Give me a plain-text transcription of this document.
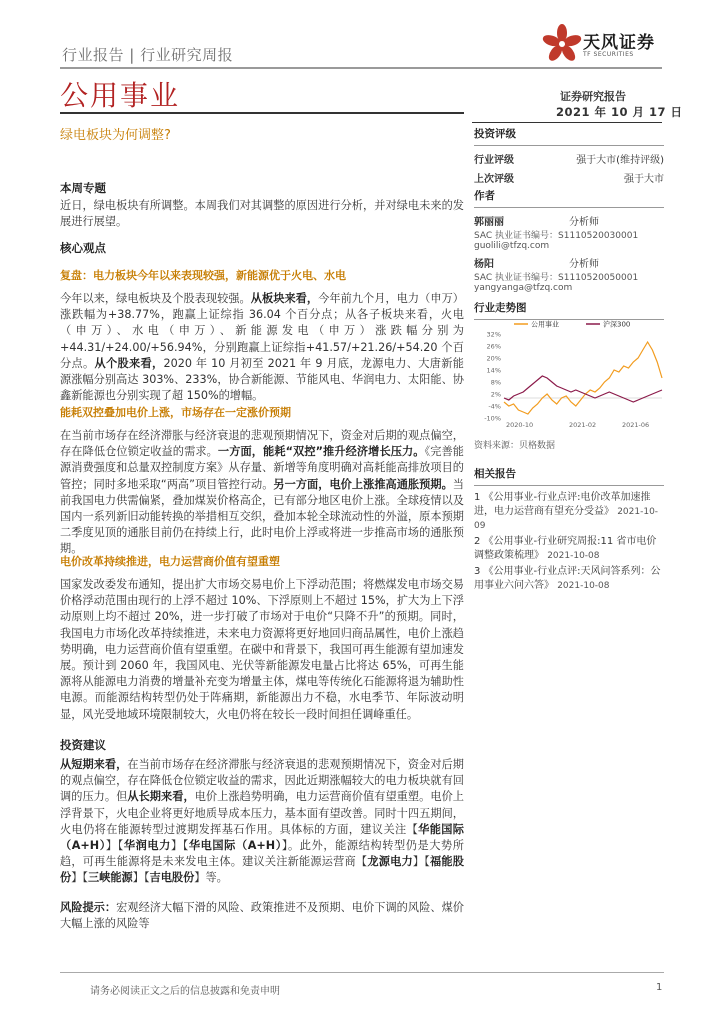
行业报告 | 行业研究周报
天风证券
TF SECURITIES
公用事业
绿电板块为何调整?
证券研究报告
2021 年 10 月 17 日
本周专题
近日，绿电板块有所调整。本周我们对其调整的原因进行分析，并对绿电未来的发展进行展望。
核心观点
复盘：电力板块今年以来表现较强，新能源优于火电、水电
今年以来，绿电板块及个股表现较强。从板块来看，今年前九个月，电力（申万）涨跌幅为+38.77%，跑赢上证综指 36.04 个百分点；从各子板块来看，火电（申万）、水电（申万）、新能源发电（申万）涨跌幅分别为+44.31/+24.00/+56.94%，分别跑赢上证综指+41.57/+21.26/+54.20 个百分点。从个股来看，2020 年 10 月初至 2021 年 9 月底，龙源电力、大唐新能源涨幅分别高达 303%、233%，协合新能源、节能风电、华润电力、太阳能、协鑫新能源也分别实现了超 150%的增幅。
能耗双控叠加电价上涨，市场存在一定涨价预期
在当前市场存在经济滞胀与经济衰退的悲观预期情况下，资金对后期的观点偏空，存在降低仓位锁定收益的需求。一方面，能耗“双控”推升经济增长压力。《完善能源消费强度和总量双控制度方案》从存量、新增等角度明确对高耗能高排放项目的管控；同时多地采取“两高”项目管控行动。另一方面，电价上涨推高通胀预期。当前我国电力供需偏紧，叠加煤炭价格高企，已有部分地区电价上涨。全球疫情以及国内一系列新旧动能转换的举措相互交织，叠加本轮全球流动性的外溢，原本预期二季度见顶的通胀目前仍在持续上行，此时电价上浮或将进一步推高市场的通胀预期。
电价改革持续推进，电力运营商价值有望重塑
国家发改委发布通知，提出扩大市场交易电价上下浮动范围；将燃煤发电市场交易价格浮动范围由现行的上浮不超过 10%、下浮原则上不超过 15%，扩大为上下浮动原则上均不超过 20%，进一步打破了市场对于电价“只降不升”的预期。同时，我国电力市场化改革持续推进，未来电力资源将更好地回归商品属性，电价上涨趋势明确，电力运营商价值有望重塑。在碳中和背景下，我国可再生能源有望加速发展。预计到 2060 年，我国风电、光伏等新能源发电量占比将达 65%，可再生能源将从能源电力消费的增量补充变为增量主体，煤电等传统化石能源将退为辅助性电源。而能源结构转型仍处于阵痛期，新能源出力不稳，水电季节、年际波动明显，风光受地域环境限制较大，火电仍将在较长一段时间担任调峰重任。
投资建议
从短期来看，在当前市场存在经济滞胀与经济衰退的悲观预期情况下，资金对后期的观点偏空，存在降低仓位锁定收益的需求，因此近期涨幅较大的电力板块就有回调的压力。但从长期来看，电价上涨趋势明确，电力运营商价值有望重塑。电价上浮背景下，火电企业将更好地质导成本压力，基本面有望改善。同时十四五期间，火电仍将在能源转型过渡期发挥基石作用。具体标的方面，建议关注【华能国际（A+H）】【华润电力】【华电国际（A+H）】。此外，能源结构转型仍是大势所趋，可再生能源将是未来发电主体。建议关注新能源运营商【龙源电力】【福能股份】【三峡能源】【吉电股份】等。
风险提示：宏观经济大幅下滑的风险、政策推进不及预期、电价下调的风险、煤价大幅上涨的风险等
投资评级
行业评级	强于大市(维持评级)
上次评级	强于大市
作者
郭丽丽	分析师
SAC 执业证书编号：S1110520030001
guolili@tfzq.com
杨阳	分析师
SAC 执业证书编号：S1110520050001
yangyanga@tfzq.com
行业走势图
公用事业	沪深300
2020-10	2021-02	2021-06
32%
26%
20%
14%
8%
2%
-4%
-10%
资料来源：贝格数据
相关报告
1 《公用事业-行业点评:电价改革加速推进，电力运营商有望充分受益》 2021-10-09
2 《公用事业-行业研究周报:11 省市电价调整政策梳理》 2021-10-08
3 《公用事业-行业点评:天风问答系列：公用事业六问六答》 2021-10-08
请务必阅读正文之后的信息披露和免责申明	1
